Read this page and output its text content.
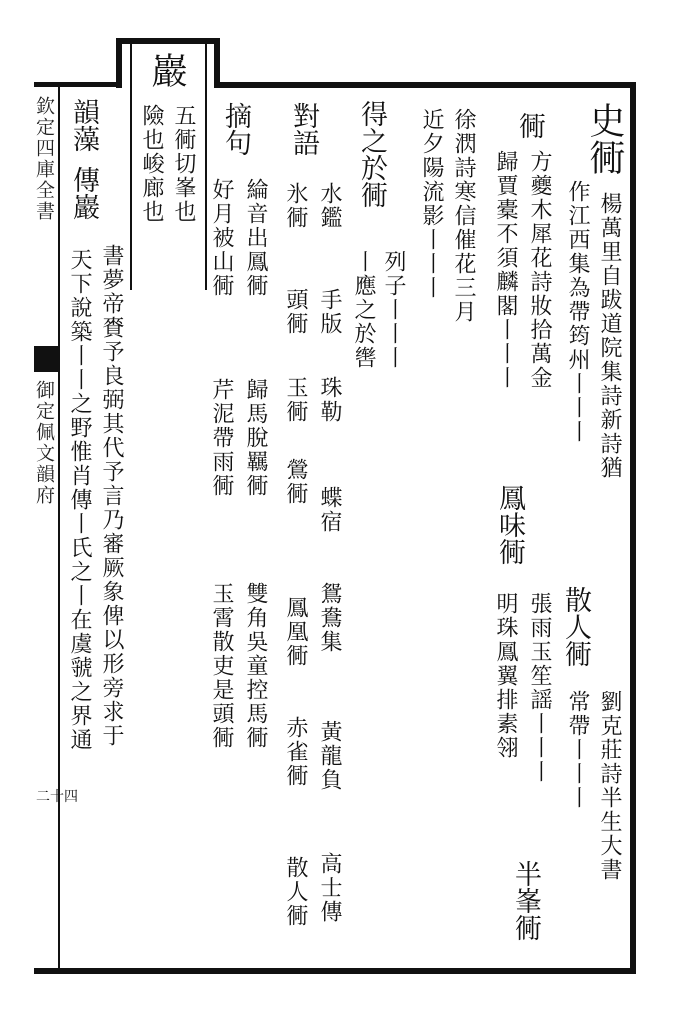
欽定四庫全書
御定佩文韻府
二十四
史衕
楊萬里自跋道院集詩新詩猶
作江西集為帶筠州丨丨丨
散人衕
劉克莊詩半生大書
常帶丨丨丨
衕
方夔木犀花詩妝拾萬金
歸賈橐不須麟閣丨丨丨
鳳味衕
張雨玉笙謡丨丨丨
明珠鳳翼排素翎
半峯衕
徐㴸詩寒信催花三月
近夕陽流影丨丨丨
得之於衕
列子丨丨丨
丨應之於辔
對語
水鑑
手版
珠勒
蝶宿
鴛鴦集
黃龍負
高士傳
氷衕
頭衕
玉衕
鶯衕
鳳凰衕
赤雀衕
散人衕
摘句
綸音出鳳衕
歸馬脫羈衕
雙角吳童控馬衕
好月被山衕
芹泥帶雨衕
玉霄散吏是頭衕
巖
五衕切峯也
險也峻廊也
韻藻
傳巖
書夢帝賚予良弼其代予言乃審厥象俾以形旁求于
天下說築丨丨之野惟肖傳丨氏之丨在虞虢之界通
